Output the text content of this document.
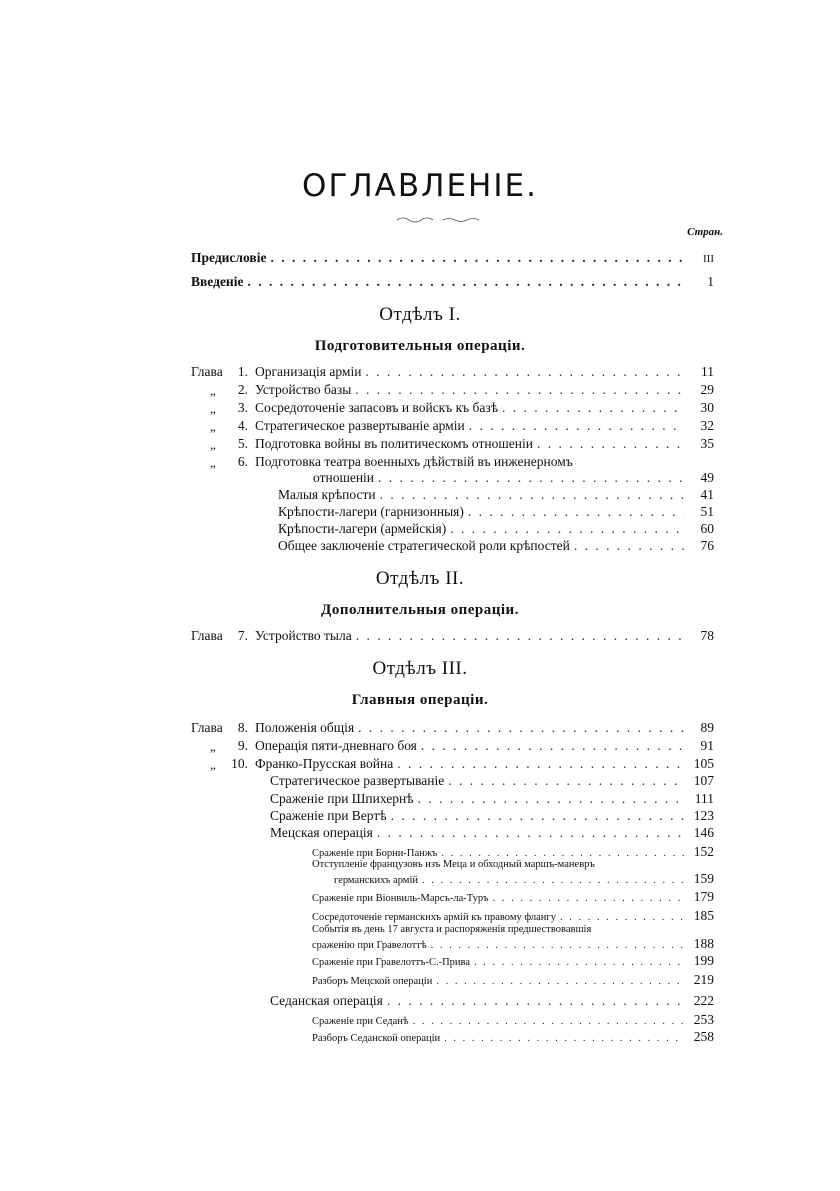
ОГЛАВЛЕНІЕ.
Стран.
Предисловіе . . .	III
Введеніе . . .	1
Отдѣлъ I.
Подготовительныя операціи.
Глава	1. Организація арміи . . .	11
„	2. Устройство базы . . .	29
„	3. Сосредоточеніе запасовъ и войскъ къ базѣ . . .	30
„	4. Стратегическое развертываніе арміи . . .	32
„	5. Подготовка войны въ политическомъ отношеніи . . .	35
„	6. Подготовка театра военныхъ дѣйствій въ инженерномъ
отношеніи . . .	49
Малыя крѣпости . . .	41
Крѣпости-лагери (гарнизонныя) . . .	51
Крѣпости-лагери (армейскія) . . .	60
Общее заключеніе стратегической роли крѣпостей . . .	76
Отдѣлъ II.
Дополнительныя операціи.
Глава	7. Устройство тыла . . .	78
Отдѣлъ III.
Главныя операціи.
Глава	8. Положенія общія . . .	89
„	9. Операція пяти-дневнаго боя . . .	91
„	10. Франко-Прусская война . . .	105
Стратегическое развертываніе . . .	107
Сраженіе при Шпихернѣ . . .	111
Сраженіе при Вертѣ . . .	123
Мецская операція . . .	146
Сраженіе при Борни-Панжъ . . .	152
Отступленіе французовъ изъ Меца и обходный маршъ-маневръ
германскихъ армій . . .	159
Сраженіе при Віонвиль-Марсъ-ла-Туръ . . .	179
Сосредоточеніе германскихъ армій къ правому флангу . . .	185
Событія въ день 17 августа и распоряженія предшествовавшія
сраженію при Гравелоттѣ . . .	188
Сраженіе при Гравелоттъ-С.-Прива . . .	199
Разборъ Мецской операціи . . .	219
Седанская операція . . .	222
Сраженіе при Седанѣ . . .	253
Разборъ Седанской операціи . . .	258
